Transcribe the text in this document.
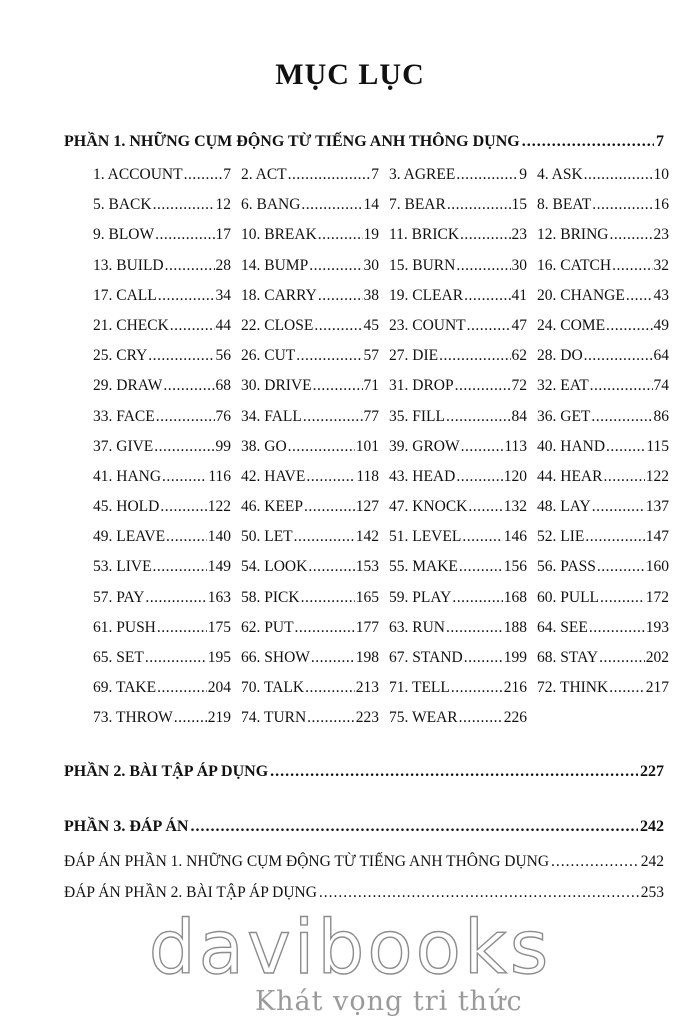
MỤC LỤC
PHẦN 1. NHỮNG CỤM ĐỘNG TỪ TIẾNG ANH THÔNG DỤNG .....	7
1. ACCOUNT .....	7 2. ACT .....	7 3. AGREE .....	9 4. ASK .....	10
5. BACK .....	12 6. BANG .....	14 7. BEAR .....	15 8. BEAT .....	16
9. BLOW .....	17 10. BREAK .....	19 11. BRICK .....	23 12. BRING .....	23
13. BUILD .....	28 14. BUMP .....	30 15. BURN .....	30 16. CATCH .....	32
17. CALL .....	34 18. CARRY .....	38 19. CLEAR .....	41 20. CHANGE ..... 43
21. CHECK .....	44 22. CLOSE .....	45 23. COUNT .....	47 24. COME .....	49
25. CRY .....	56 26. CUT .....	57 27. DIE .....	62 28. DO .....	64
29. DRAW .....	68 30. DRIVE .....	71 31. DROP .....	72 32. EAT .....	74
33. FACE .....	76 34. FALL .....	77 35. FILL .....	84 36. GET .....	86
37. GIVE .....	99 38. GO .....	101 39. GROW .....	113 40. HAND .....	115
41. HANG .....	116 42. HAVE .....	118 43. HEAD .....	120 44. HEAR .....	122
45. HOLD .....	122 46. KEEP .....	127 47. KNOCK ..... 132 48. LAY .....	137
49. LEAVE .....	140 50. LET .....	142 51. LEVEL .....	146 52. LIE .....	147
53. LIVE .....	149 54. LOOK .....	153 55. MAKE .....	156 56. PASS .....	160
57. PAY .....	163 58. PICK .....	165 59. PLAY .....	168 60. PULL .....	172
61. PUSH .....	175 62. PUT .....	177 63. RUN .....	188 64. SEE .....	193
65. SET .....	195 66. SHOW .....	198 67. STAND .....	199 68. STAY .....	202
69. TAKE .....	204 70. TALK .....	213 71. TELL .....	216 72. THINK ..... 217
73. THROW ..... 219 74. TURN .....	223 75. WEAR .....	226
PHẦN 2. BÀI TẬP ÁP DỤNG .....	227
PHẦN 3. ĐÁP ÁN .....	242
ĐÁP ÁN PHẦN 1. NHỮNG CỤM ĐỘNG TỪ TIẾNG ANH THÔNG DỤNG .....	242
ĐÁP ÁN PHẦN 2. BÀI TẬP ÁP DỤNG .....	253
davibooks
Khát vọng tri thức
